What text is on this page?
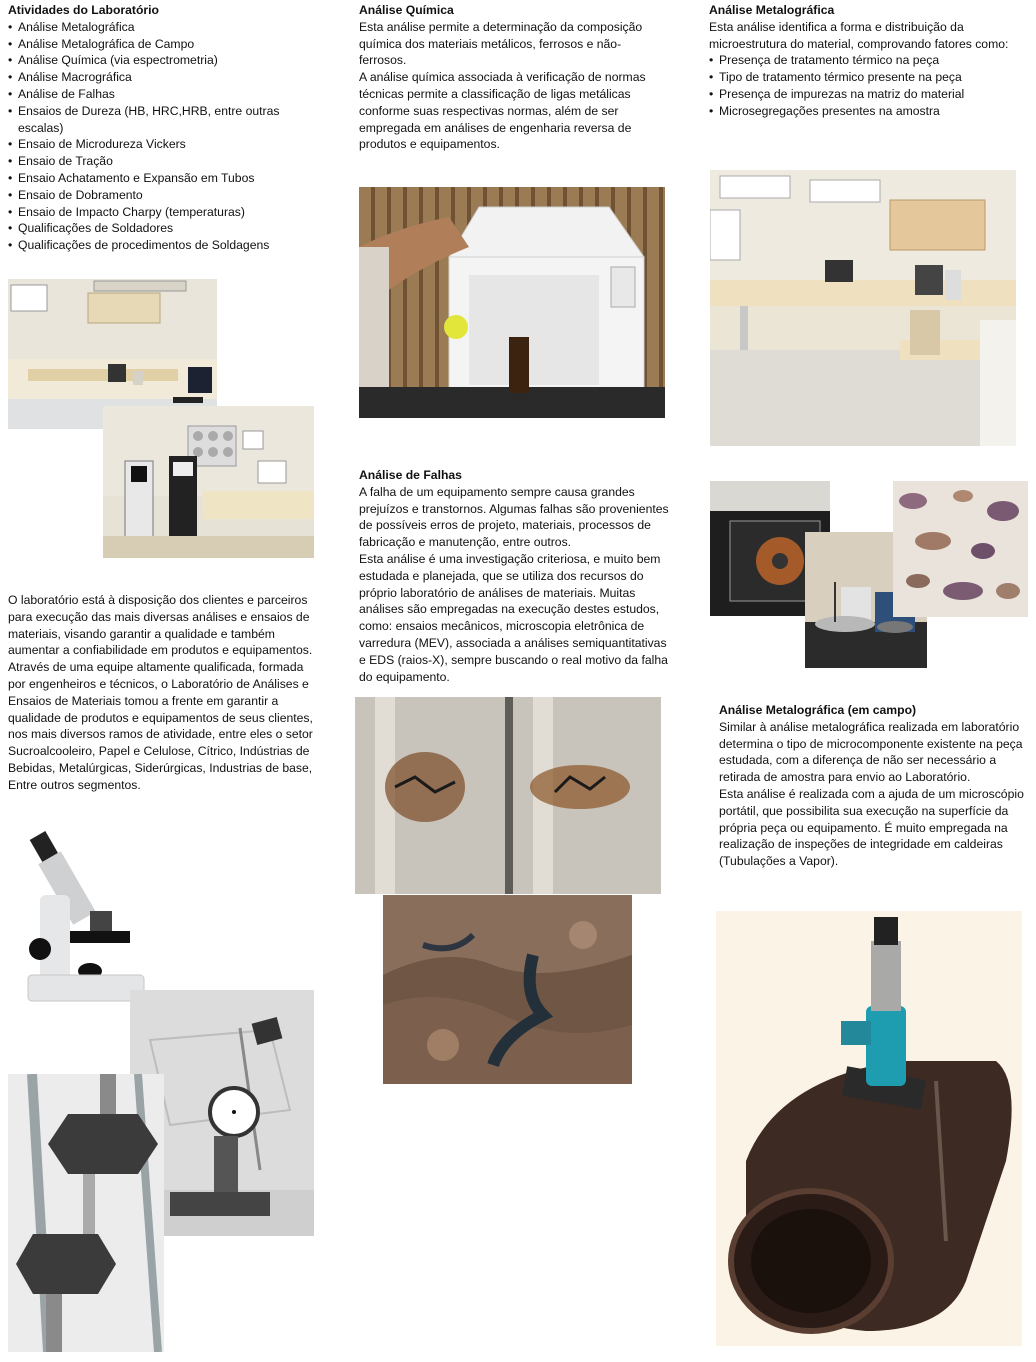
Atividades do Laboratório
• Análise Metalográfica
• Análise Metalográfica de Campo
• Análise Química (via espectrometria)
• Análise Macrográfica
• Análise de Falhas
• Ensaios de Dureza (HB, HRC,HRB, entre outras escalas)
• Ensaio de Microdureza Vickers
• Ensaio de Tração
• Ensaio Achatamento e Expansão em Tubos
• Ensaio de Dobramento
• Ensaio de Impacto Charpy (temperaturas)
• Qualificações de Soldadores
• Qualificações de procedimentos de Soldagens

O laboratório está à disposição dos clientes e parceiros para execução das mais diversas análises e ensaios de materiais, visando garantir a qualidade e também aumentar a confiabilidade em produtos e equipamentos.

Através de uma equipe altamente qualificada, formada por engenheiros e técnicos, o Laboratório de Análises e Ensaios de Materiais tomou a frente em garantir a qualidade de produtos e equipamentos de seus clientes, nos mais diversos ramos de atividade, entre eles o setor Sucroalcooleiro, Papel e Celulose, Cítrico, Indústrias de Bebidas, Metalúrgicas, Siderúrgicas, Industrias de base, Entre outros segmentos.

Análise Química

Esta análise permite a determinação da composição química dos materiais metálicos, ferrosos e não-ferrosos.

A análise química associada à verificação de normas técnicas permite a classificação de ligas metálicas conforme suas respectivas normas, além de ser empregada em análises de engenharia reversa de produtos e equipamentos.

Análise de Falhas

A falha de um equipamento sempre causa grandes prejuízos e transtornos. Algumas falhas são provenientes de possíveis erros de projeto, materiais, processos de fabricação e manutenção, entre outros.

Esta análise é uma investigação criteriosa, e muito bem estudada e planejada, que se utiliza dos recursos do próprio laboratório de análises de materiais. Muitas análises são empregadas na execução destes estudos, como: ensaios mecânicos, microscopia eletrônica de varredura (MEV), associada a análises semiquantitativas e EDS (raios-X), sempre buscando o real motivo da falha do equipamento.

Análise Metalográfica

Esta análise identifica a forma e distribuição da microestrutura do material, comprovando fatores como:

• Presença de tratamento térmico na peça
• Tipo de tratamento térmico presente na peça
• Presença de impurezas na matriz do material
• Microsegregações presentes na amostra
Análise Metalográfica (em campo)

Similar à análise metalográfica realizada em laboratório determina o tipo de microcomponente existente na peça estudada, com a diferença de não ser necessário a retirada de amostra para envio ao Laboratório.

Esta análise é realizada com a ajuda de um microscópio portátil, que possibilita sua execução na superfície da própria peça ou equipamento. É muito empregada na realização de inspeções de integridade em caldeiras (Tubulações a Vapor).
